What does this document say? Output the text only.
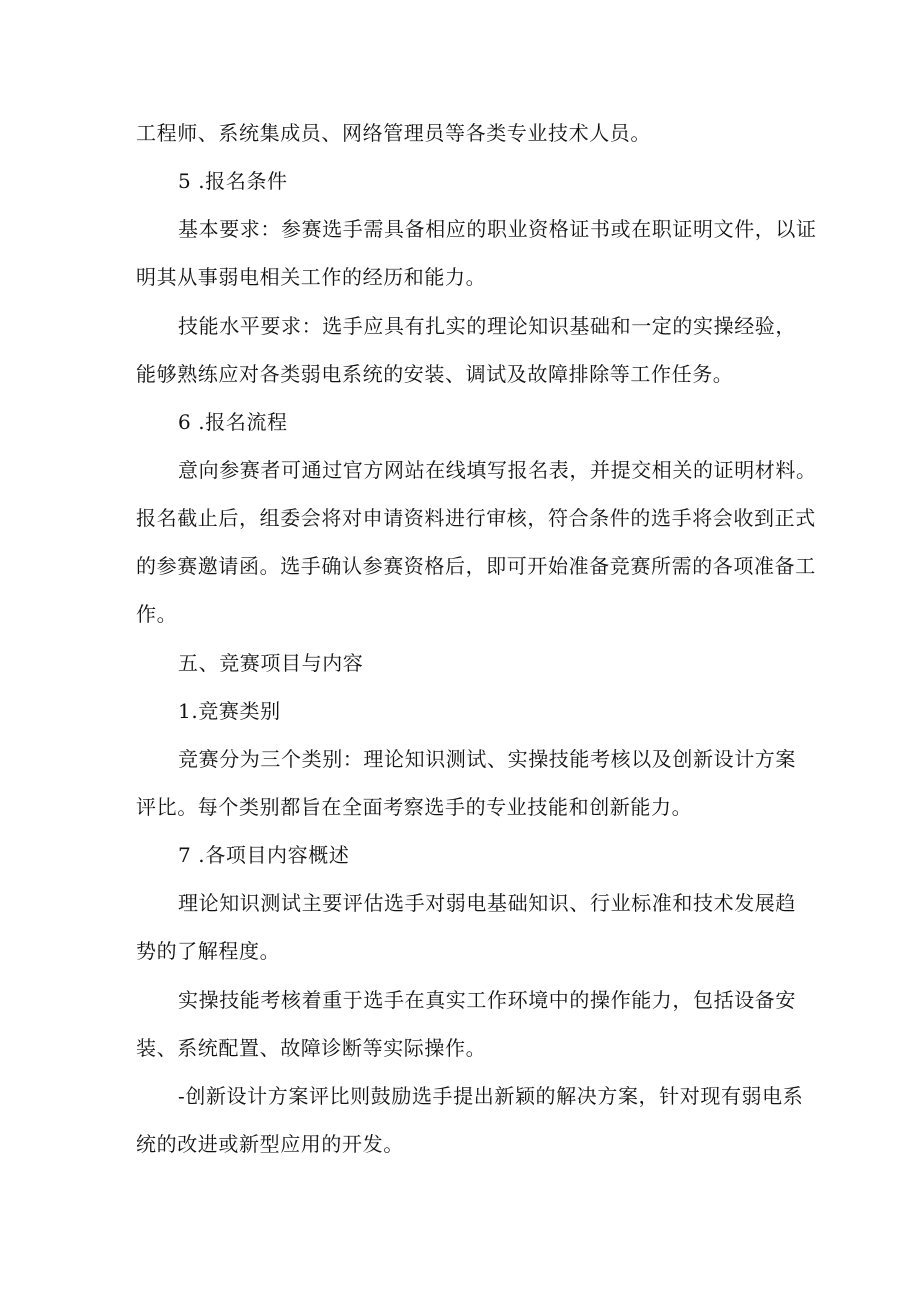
工程师、系统集成员、网络管理员等各类专业技术人员。
5 .报名条件
基本要求：参赛选手需具备相应的职业资格证书或在职证明文件，以证
明其从事弱电相关工作的经历和能力。
技能水平要求：选手应具有扎实的理论知识基础和一定的实操经验，
能够熟练应对各类弱电系统的安装、调试及故障排除等工作任务。
6 .报名流程
意向参赛者可通过官方网站在线填写报名表，并提交相关的证明材料。
报名截止后，组委会将对申请资料进行审核，符合条件的选手将会收到正式
的参赛邀请函。选手确认参赛资格后，即可开始准备竞赛所需的各项准备工
作。
五、竞赛项目与内容
1.竞赛类别
竞赛分为三个类别：理论知识测试、实操技能考核以及创新设计方案
评比。每个类别都旨在全面考察选手的专业技能和创新能力。
7 .各项目内容概述
理论知识测试主要评估选手对弱电基础知识、行业标准和技术发展趋
势的了解程度。
实操技能考核着重于选手在真实工作环境中的操作能力，包括设备安
装、系统配置、故障诊断等实际操作。
-创新设计方案评比则鼓励选手提出新颖的解决方案，针对现有弱电系
统的改进或新型应用的开发。
